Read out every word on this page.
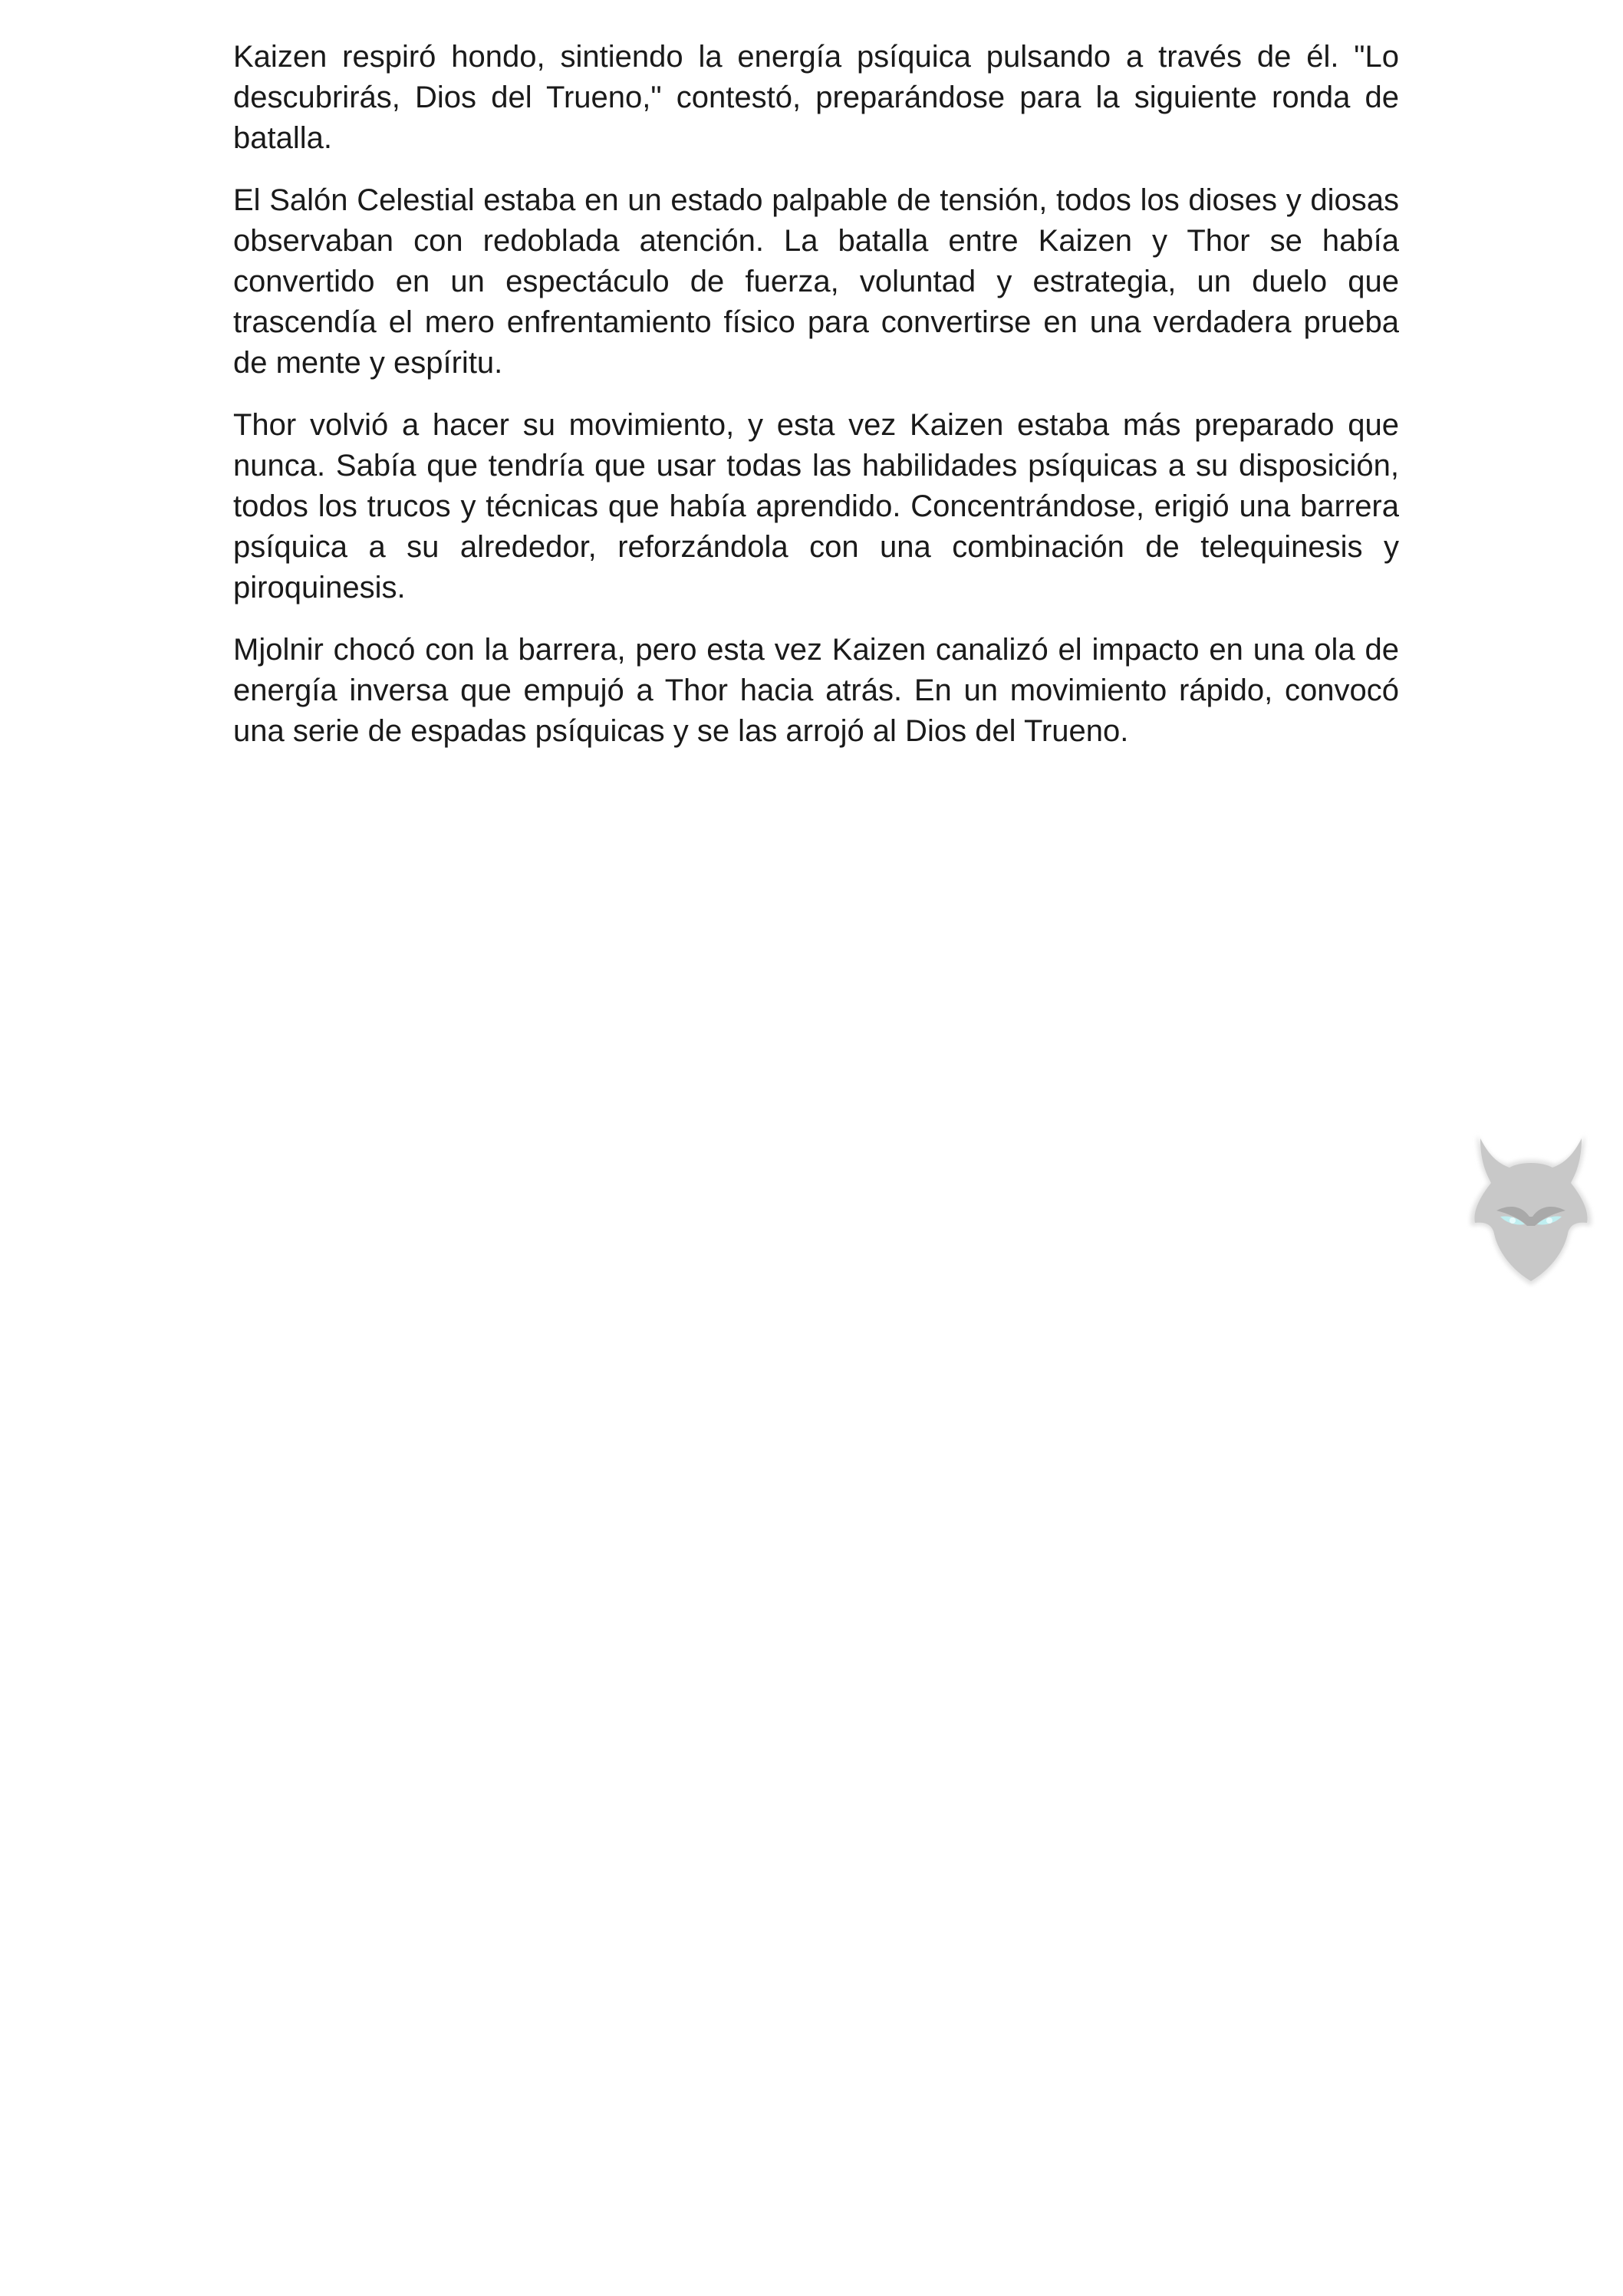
Kaizen respiró hondo, sintiendo la energía psíquica pulsando a través de él. "Lo descubrirás, Dios del Trueno," contestó, preparándose para la siguiente ronda de batalla.

El Salón Celestial estaba en un estado palpable de tensión, todos los dioses y diosas observaban con redoblada atención. La batalla entre Kaizen y Thor se había convertido en un espectáculo de fuerza, voluntad y estrategia, un duelo que trascendía el mero enfrentamiento físico para convertirse en una verdadera prueba de mente y espíritu.

Thor volvió a hacer su movimiento, y esta vez Kaizen estaba más preparado que nunca. Sabía que tendría que usar todas las habilidades psíquicas a su disposición, todos los trucos y técnicas que había aprendido. Concentrándose, erigió una barrera psíquica a su alrededor, reforzándola con una combinación de telequinesis y piroquinesis.

Mjolnir chocó con la barrera, pero esta vez Kaizen canalizó el impacto en una ola de energía inversa que empujó a Thor hacia atrás. En un movimiento rápido, convocó una serie de espadas psíquicas y se las arrojó al Dios del Trueno.
